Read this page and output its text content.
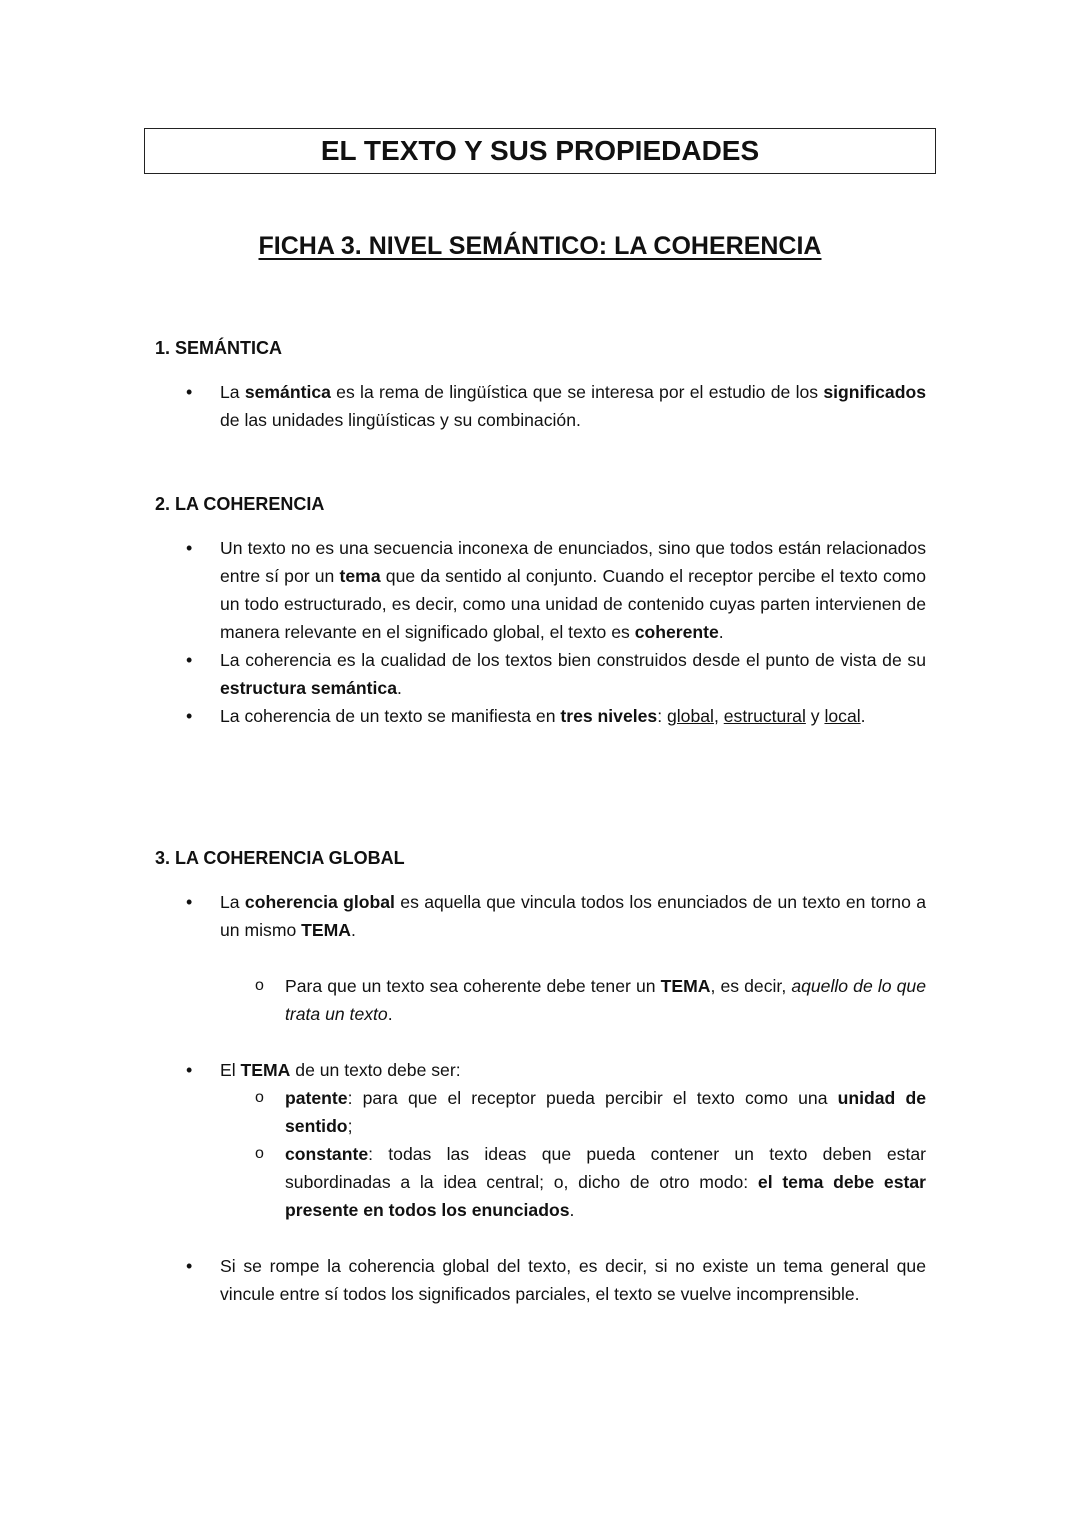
EL TEXTO Y SUS PROPIEDADES
FICHA 3. NIVEL SEMÁNTICO: LA COHERENCIA
1. SEMÁNTICA
• La semántica es la rema de lingüística que se interesa por el estudio de los significados de las unidades lingüísticas y su combinación.
2. LA COHERENCIA
• Un texto no es una secuencia inconexa de enunciados, sino que todos están relacionados entre sí por un tema que da sentido al conjunto. Cuando el receptor percibe el texto como un todo estructurado, es decir, como una unidad de contenido cuyas parten intervienen de manera relevante en el significado global, el texto es coherente.
• La coherencia es la cualidad de los textos bien construidos desde el punto de vista de su estructura semántica.
• La coherencia de un texto se manifiesta en tres niveles: global, estructural y local.
3. LA COHERENCIA GLOBAL
• La coherencia global es aquella que vincula todos los enunciados de un texto en torno a un mismo TEMA.
o Para que un texto sea coherente debe tener un TEMA, es decir, aquello de lo que trata un texto.
• El TEMA de un texto debe ser:
o patente: para que el receptor pueda percibir el texto como una unidad de sentido;
o constante: todas las ideas que pueda contener un texto deben estar subordinadas a la idea central; o, dicho de otro modo: el tema debe estar presente en todos los enunciados.
• Si se rompe la coherencia global del texto, es decir, si no existe un tema general que vincule entre sí todos los significados parciales, el texto se vuelve incomprensible.
